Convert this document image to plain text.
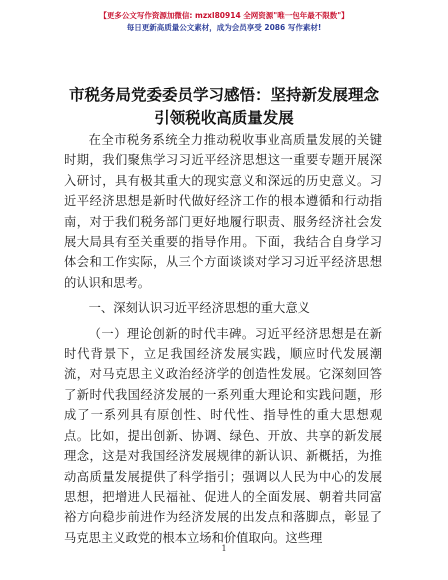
【更多公文写作资源加微信: mzxl80914 全网资源"唯一包年最不限数"】
每日更新高质量公文素材，成为会员享受 2086 写作素材!
市税务局党委委员学习感悟：坚持新发展理念
引领税收高质量发展

在全市税务系统全力推动税收事业高质量发展的关键时期，我们聚焦学习习近平经济思想这一重要专题开展深入研讨，具有极其重大的现实意义和深远的历史意义。习近平经济思想是新时代做好经济工作的根本遵循和行动指南，对于我们税务部门更好地履行职责、服务经济社会发展大局具有至关重要的指导作用。下面，我结合自身学习体会和工作实际，从三个方面谈谈对学习习近平经济思想的认识和思考。

一、深刻认识习近平经济思想的重大意义

（一）理论创新的时代丰碑。习近平经济思想是在新时代背景下，立足我国经济发展实践，顺应时代发展潮流，对马克思主义政治经济学的创造性发展。它深刻回答了新时代我国经济发展的一系列重大理论和实践问题，形成了一系列具有原创性、时代性、指导性的重大思想观点。比如，提出创新、协调、绿色、开放、共享的新发展理念，这是对我国经济发展规律的新认识、新概括，为推动高质量发展提供了科学指引；强调以人民为中心的发展思想，把增进人民福祉、促进人的全面发展、朝着共同富裕方向稳步前进作为经济发展的出发点和落脚点，彰显了马克思主义政党的根本立场和价值取向。这些理

1
